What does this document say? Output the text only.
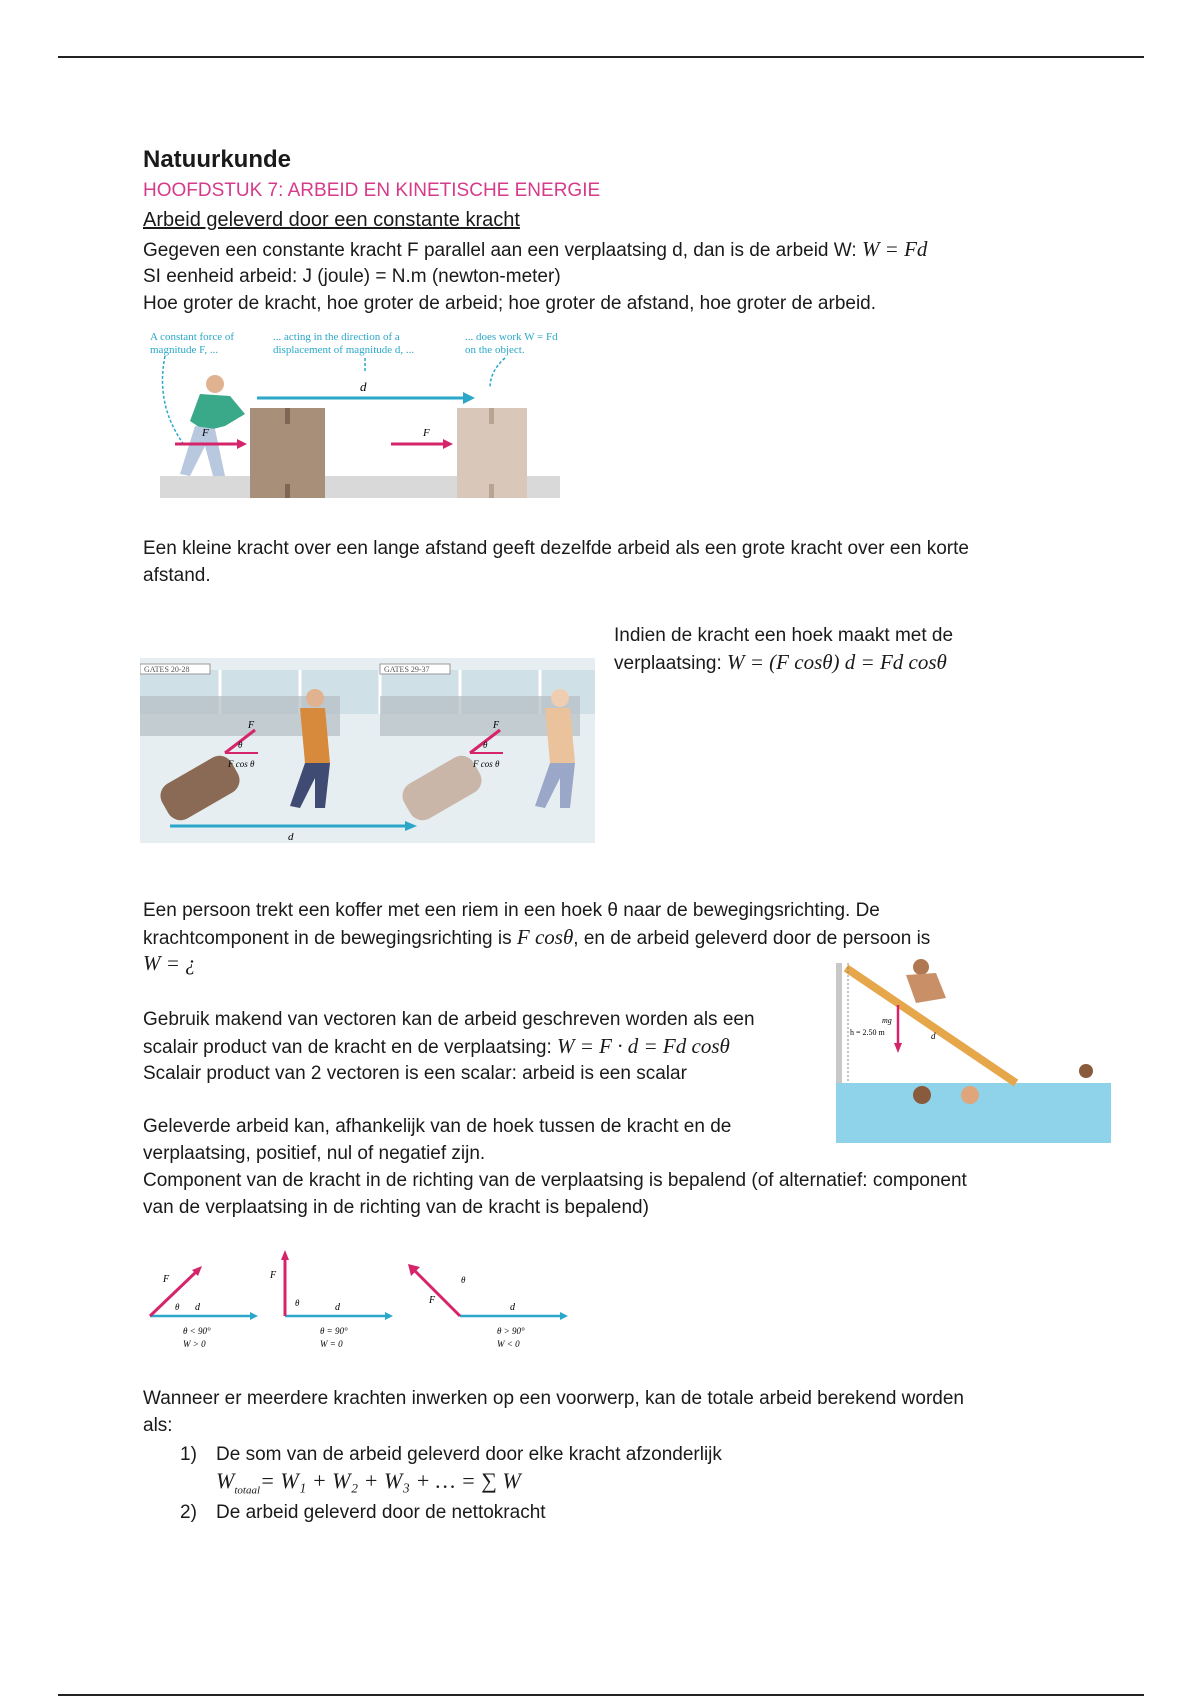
Natuurkunde
HOOFDSTUK 7: ARBEID EN KINETISCHE ENERGIE
Arbeid geleverd door een constante kracht
Gegeven een constante kracht F parallel aan een verplaatsing d, dan is de arbeid W: W = Fd
SI eenheid arbeid: J (joule) = N.m (newton-meter)
Hoe groter de kracht, hoe groter de arbeid; hoe groter de afstand, hoe groter de arbeid.
A constant force of
magnitude F, ...
... acting in the direction of a
displacement of magnitude d, ...
... does work W = Fd
on the object.
d
F	F
Een kleine kracht over een lange afstand geeft dezelfde arbeid als een grote kracht over een korte
afstand.
GATES 20-28	GATES 29-37
F
θ
F cos θ
F
θ
F cos θ
d
Indien de kracht een hoek maakt met de
verplaatsing: W = (F cosθ) d = Fd cosθ
Een persoon trekt een koffer met een riem in een hoek θ naar de bewegingsrichting. De
krachtcomponent in de bewegingsrichting is F cosθ, en de arbeid geleverd door de persoon is
W = ¿
h = 2.50 m
mg
d
Gebruik makend van vectoren kan de arbeid geschreven worden als een
scalair product van de kracht en de verplaatsing: W = F · d = Fd cosθ
Scalair product van 2 vectoren is een scalar: arbeid is een scalar
Geleverde arbeid kan, afhankelijk van de hoek tussen de kracht en de
verplaatsing, positief, nul of negatief zijn.
Component van de kracht in de richting van de verplaatsing is bepalend (of alternatief: component
van de verplaatsing in de richting van de kracht is bepalend)
F
θ d
θ < 90°
W > 0
F
θ	d
θ = 90°
W = 0
F
θ
d
θ > 90°
W < 0
Wanneer er meerdere krachten inwerken op een voorwerp, kan de totale arbeid berekend worden
als:
1) De som van de arbeid geleverd door elke kracht afzonderlijk
$W_{totaal}= W_1 + W_2 + W_3$ + … = ∑ W
2) De arbeid geleverd door de nettokracht
